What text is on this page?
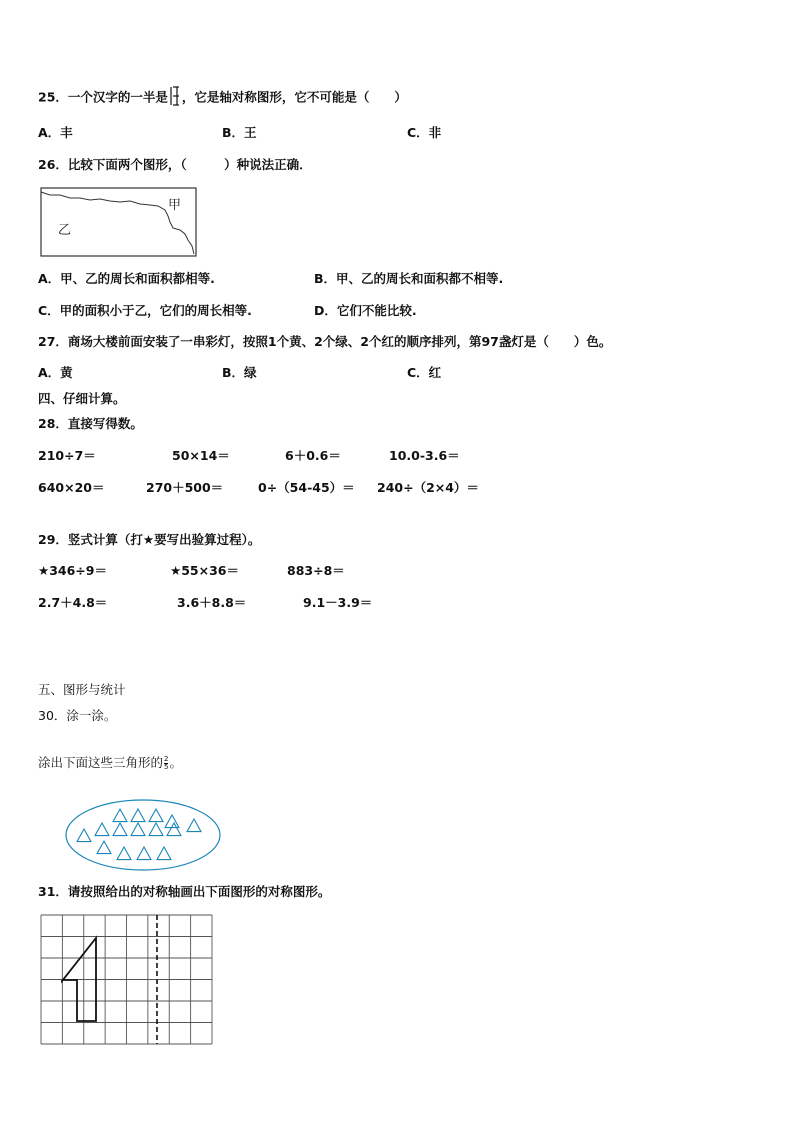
25．一个汉字的一半是 ，它是轴对称图形，它不可能是（　　）
A．丰	B．王	C．非
26．比较下面两个图形，（　　　）种说法正确．
甲
乙
A．甲、乙的周长和面积都相等.	B．甲、乙的周长和面积都不相等.
C．甲的面积小于乙，它们的周长相等.	D．它们不能比较.
27．商场大楼前面安装了一串彩灯，按照1个黄、2个绿、2个红的顺序排列，第97盏灯是（　　）色。
A．黄	B．绿	C．红
四、仔细计算。
28．直接写得数。
210÷7＝	50×14＝	6＋0.6＝	10.0-3.6＝
640×20＝	270＋500＝	0÷（54-45）＝ 240÷（2×4）＝
29．竖式计算（打★要写出验算过程）。
★346÷9＝	★55×36＝	883÷8＝
2.7＋4.8＝	3.6＋8.8＝	9.1－3.9＝
五、图形与统计
30．涂一涂。
涂出下面这些三角形的 $\frac{2}{5}$ 。
31．请按照给出的对称轴画出下面图形的对称图形。
